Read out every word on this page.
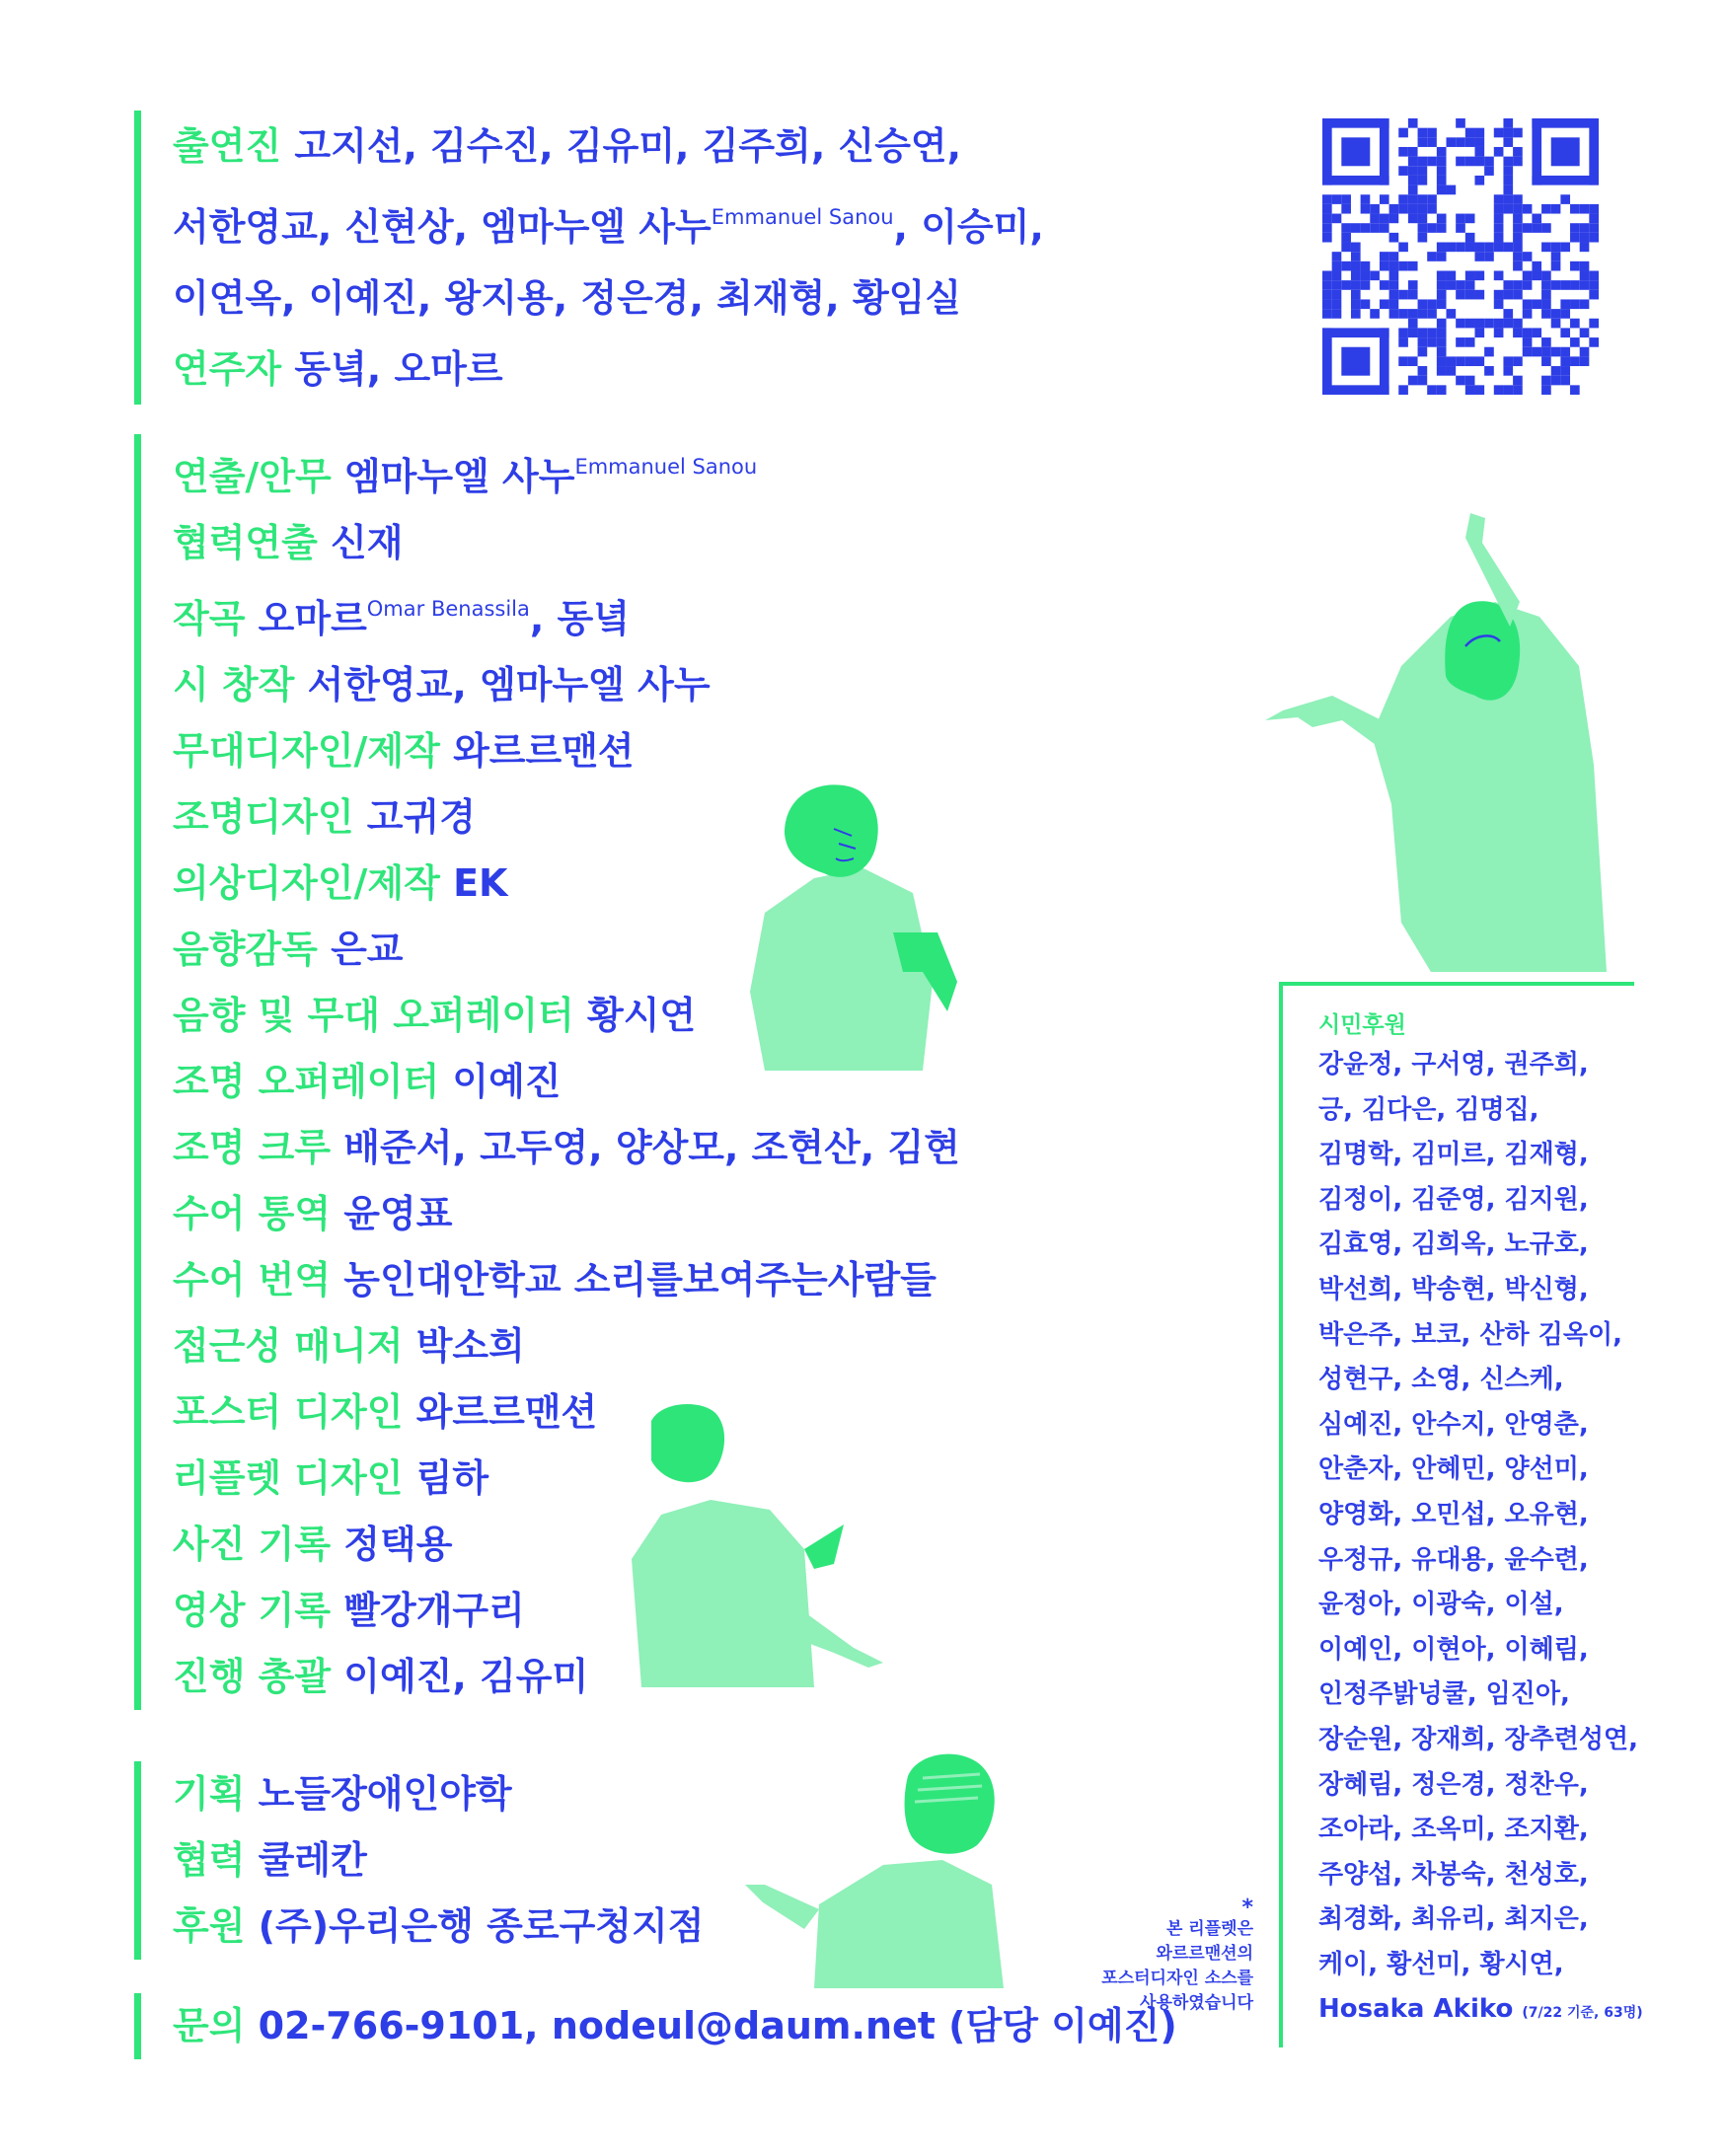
출연진 고지선, 김수진, 김유미, 김주희, 신승연,
서한영교, 신현상, 엠마누엘 사누$^{Emmanuel Sanou}$, 이승미,
이연옥, 이예진, 왕지용, 정은경, 최재형, 황임실
연주자 동녘, 오마르
연출/안무 엠마누엘 사누$^{Emmanuel Sanou}$
협력연출 신재
작곡 오마르$^{Omar Benassila}$, 동녘
시 창작 서한영교, 엠마누엘 사누
무대디자인/제작 와르르맨션
조명디자인 고귀경
의상디자인/제작 EK
음향감독 은교
음향 및 무대 오퍼레이터 황시연
조명 오퍼레이터 이예진
조명 크루 배준서, 고두영, 양상모, 조현산, 김현
수어 통역 윤영표
수어 번역 농인대안학교 소리를보여주는사람들
접근성 매니저 박소희
포스터 디자인 와르르맨션
리플렛 디자인 림하
사진 기록 정택용
영상 기록 빨강개구리
진행 총괄 이예진, 김유미
기획 노들장애인야학
협력 쿨레칸
후원 (주)우리은행 종로구청지점
문의 02-766-9101, nodeul@daum.net (담당 이예진)
시민후원
강윤정, 구서영, 권주희,
긍, 김다은, 김명집,
김명학, 김미르, 김재형,
김정이, 김준영, 김지원,
김효영, 김희옥, 노규호,
박선희, 박송현, 박신형,
박은주, 보코, 산하 김옥이,
성현구, 소영, 신스케,
심예진, 안수지, 안영춘,
안춘자, 안혜민, 양선미,
양영화, 오민섭, 오유현,
우정규, 유대용, 윤수련,
윤정아, 이광숙, 이설,
이예인, 이현아, 이혜림,
인정주밝넝쿨, 임진아,
장순원, 장재희, 장추련성연,
장혜림, 정은경, 정찬우,
조아라, 조옥미, 조지환,
주양섭, 차봉숙, 천성호,
최경화, 최유리, 최지은,
케이, 황선미, 황시연,
Hosaka Akiko (7/22 기준, 63명)
*
본 리플렛은
와르르맨션의
포스터디자인 소스를
사용하였습니다
